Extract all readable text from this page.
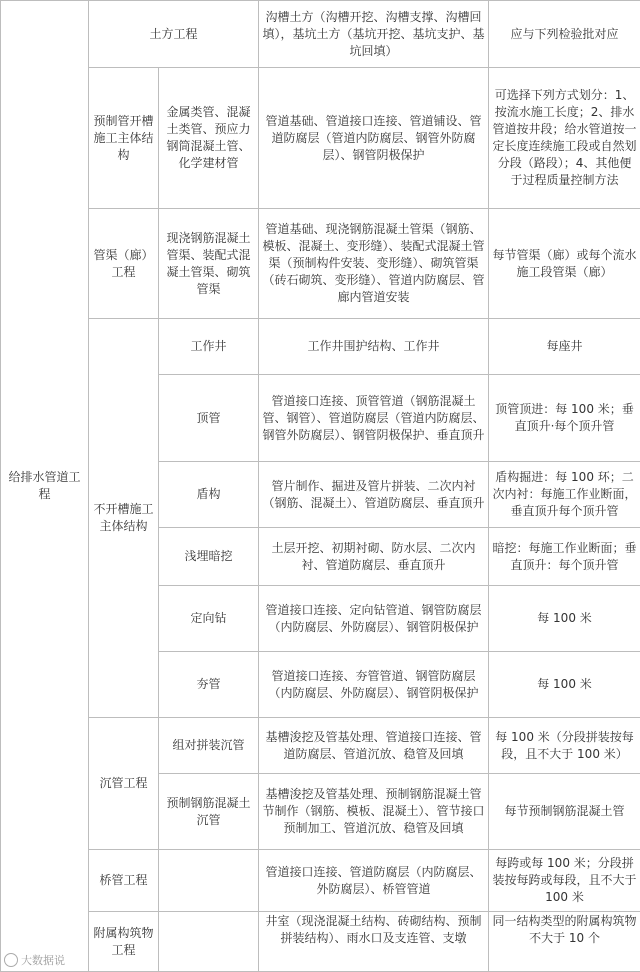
给排水管道工程	土方工程		沟槽土方（沟槽开挖、沟槽支撑、沟槽回填），基坑土方（基坑开挖、基坑支护、基坑回填）	应与下列检验批对应
	预制管开槽施工主体结构	金属类管、混凝土类管、预应力钢筒混凝土管、化学建材管	管道基础、管道接口连接、管道铺设、管道防腐层（管道内防腐层、钢管外防腐层）、钢管阴极保护	可选择下列方式划分：1、按流水施工长度；2、排水管道按井段；给水管道按一定长度连续施工段或自然划分段（路段）；4、其他便于过程质量控制方法
	管渠（廊）工程	现浇钢筋混凝土管渠、装配式混凝土管渠、砌筑管渠	管道基础、现浇钢筋混凝土管渠（钢筋、模板、混凝土、变形缝）、装配式混凝土管渠（预制构件安装、变形缝）、砌筑管渠（砖石砌筑、变形缝）、管道内防腐层、管廊内管道安装	每节管渠（廊）或每个流水施工段管渠（廊）
	不开槽施工主体结构	工作井	工作井围护结构、工作井	每座井
		顶管	管道接口连接、顶管管道（钢筋混凝土管、钢管）、管道防腐层（管道内防腐层、钢管外防腐层）、钢管阴极保护、垂直顶升	顶管顶进：每 100 米；垂直顶升·每个顶升管
		盾构	管片制作、掘进及管片拼装、二次内衬（钢筋、混凝土）、管道防腐层、垂直顶升	盾构掘进：每 100 环；二次内衬：每施工作业断面，垂直顶升每个顶升管
		浅埋暗挖	土层开挖、初期衬砌、防水层、二次内衬、管道防腐层、垂直顶升	暗挖：每施工作业断面；垂直顶升：每个顶升管
		定向钻	管道接口连接、定向钻管道、钢管防腐层（内防腐层、外防腐层）、钢管阴极保护	每 100 米
		夯管	管道接口连接、夯管管道、钢管防腐层（内防腐层、外防腐层）、钢管阴极保护	每 100 米
	沉管工程	组对拼装沉管	基槽浚挖及管基处理、管道接口连接、管道防腐层、管道沉放、稳管及回填	每 100 米（分段拼装按每段，且不大于 100 米）
		预制钢筋混凝土沉管	基槽浚挖及管基处理、预制钢筋混凝土管节制作（钢筋、模板、混凝土）、管节接口预制加工、管道沉放、稳管及回填	每节预制钢筋混凝土管
	桥管工程		管道接口连接、管道防腐层（内防腐层、外防腐层）、桥管管道	每跨或每 100 米；分段拼装按每跨或每段，且不大于 100 米
	附属构筑物工程		井室（现浇混凝土结构、砖砌结构、预制拼装结构）、雨水口及支连管、支墩	同一结构类型的附属构筑物不大于 10 个
大数据说
